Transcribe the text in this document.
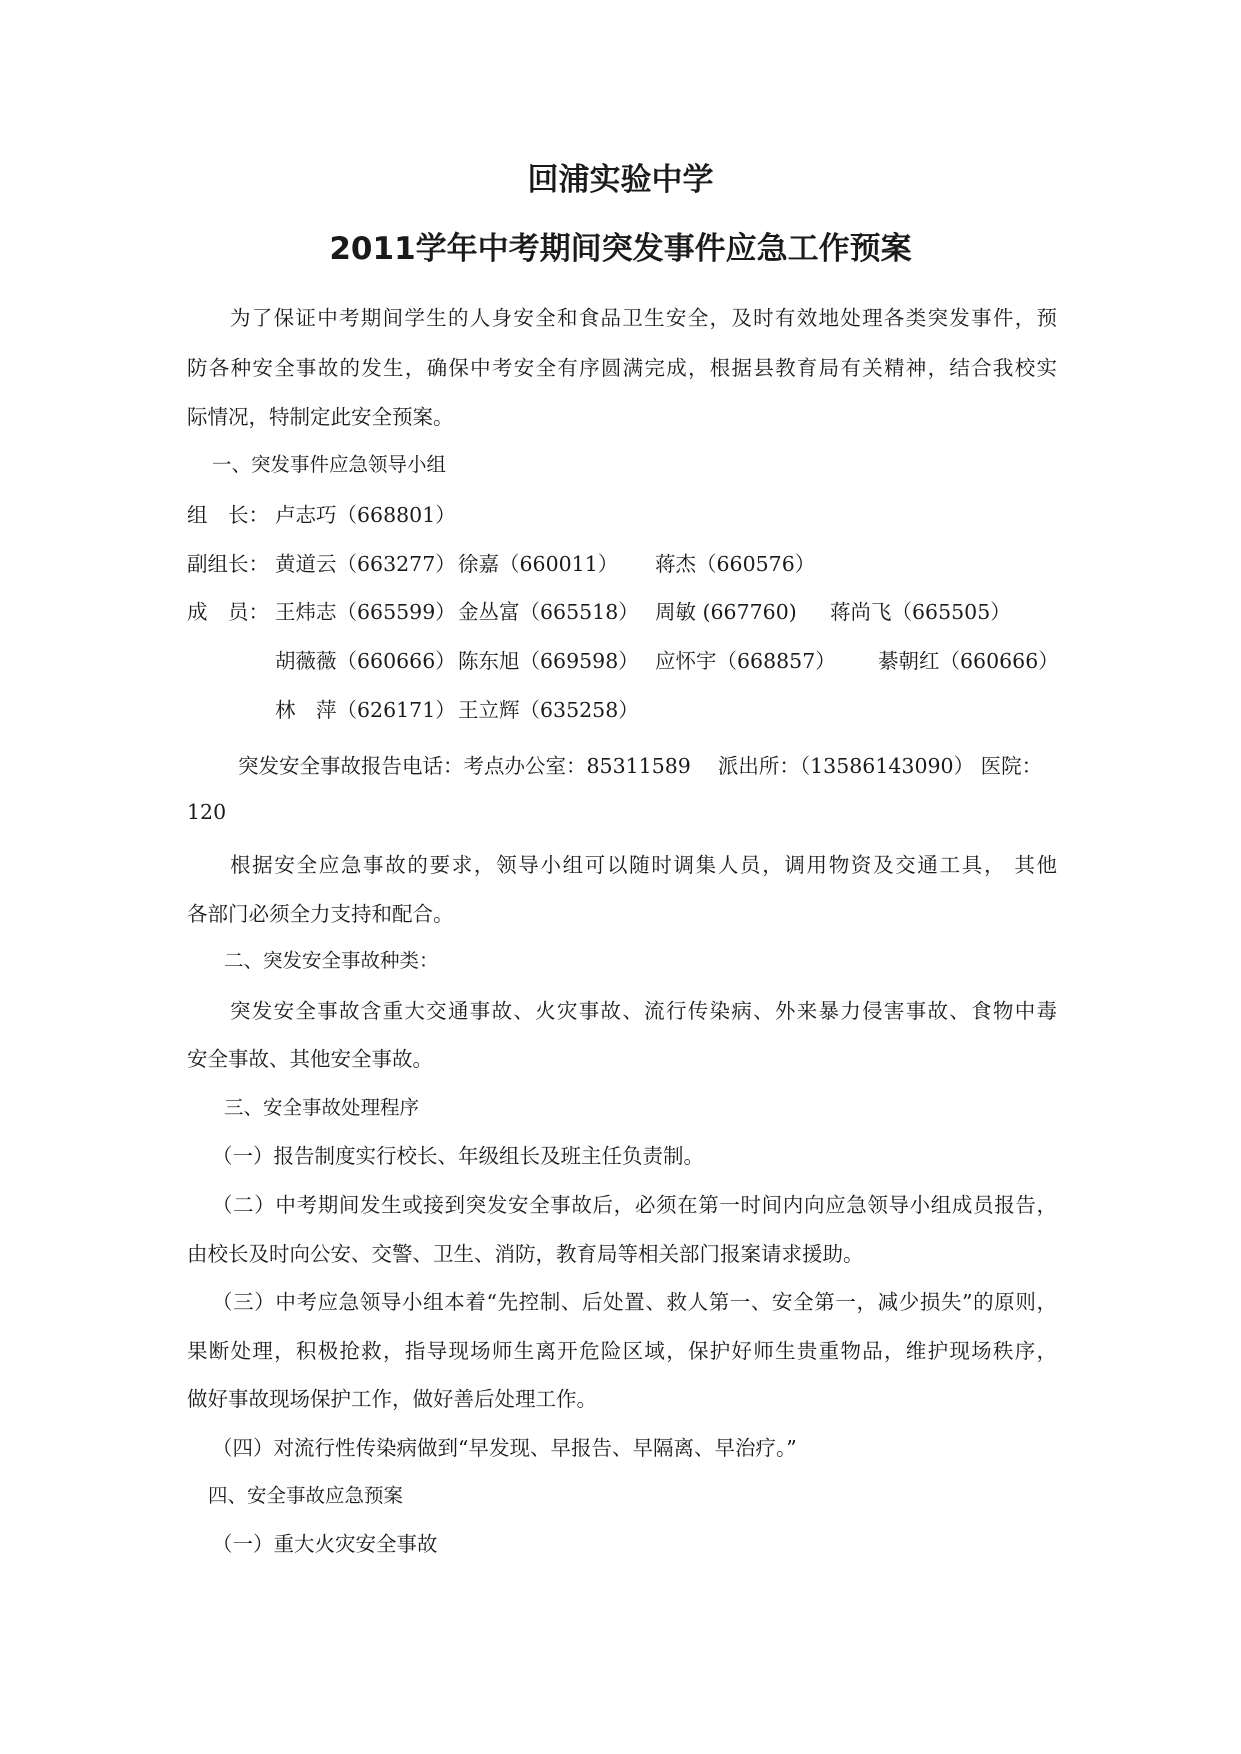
回浦实验中学
2011学年中考期间突发事件应急工作预案
为了保证中考期间学生的人身安全和食品卫生安全，及时有效地处理各类突发事件，预
防各种安全事故的发生，确保中考安全有序圆满完成，根据县教育局有关精神，结合我校实
际情况，特制定此安全预案。
一、突发事件应急领导小组
组　长： 卢志巧（668801）
副组长： 黄道云（663277） 徐嘉（660011） 蒋杰（660576）
成　员： 王炜志（665599） 金丛富（665518） 周敏 (667760) 蒋尚飞（665505）
胡薇薇（660666） 陈东旭（669598） 应怀宇（668857） 綦朝红（660666）
林　萍（626171） 王立辉（635258）
突发安全事故报告电话：考点办公室：85311589　 派出所：（13586143090） 医院：
120
根据安全应急事故的要求，领导小组可以随时调集人员，调用物资及交通工具， 其他
各部门必须全力支持和配合。
二、突发安全事故种类：
突发安全事故含重大交通事故、火灾事故、流行传染病、外来暴力侵害事故、食物中毒
安全事故、其他安全事故。
三、安全事故处理程序
（一）报告制度实行校长、年级组长及班主任负责制。
（二）中考期间发生或接到突发安全事故后，必须在第一时间内向应急领导小组成员报告，
由校长及时向公安、交警、卫生、消防，教育局等相关部门报案请求援助。
（三）中考应急领导小组本着“先控制、后处置、救人第一、安全第一，减少损失”的原则，
果断处理，积极抢救，指导现场师生离开危险区域，保护好师生贵重物品，维护现场秩序，
做好事故现场保护工作，做好善后处理工作。
（四）对流行性传染病做到“早发现、早报告、早隔离、早治疗。”
四、安全事故应急预案
（一）重大火灾安全事故
